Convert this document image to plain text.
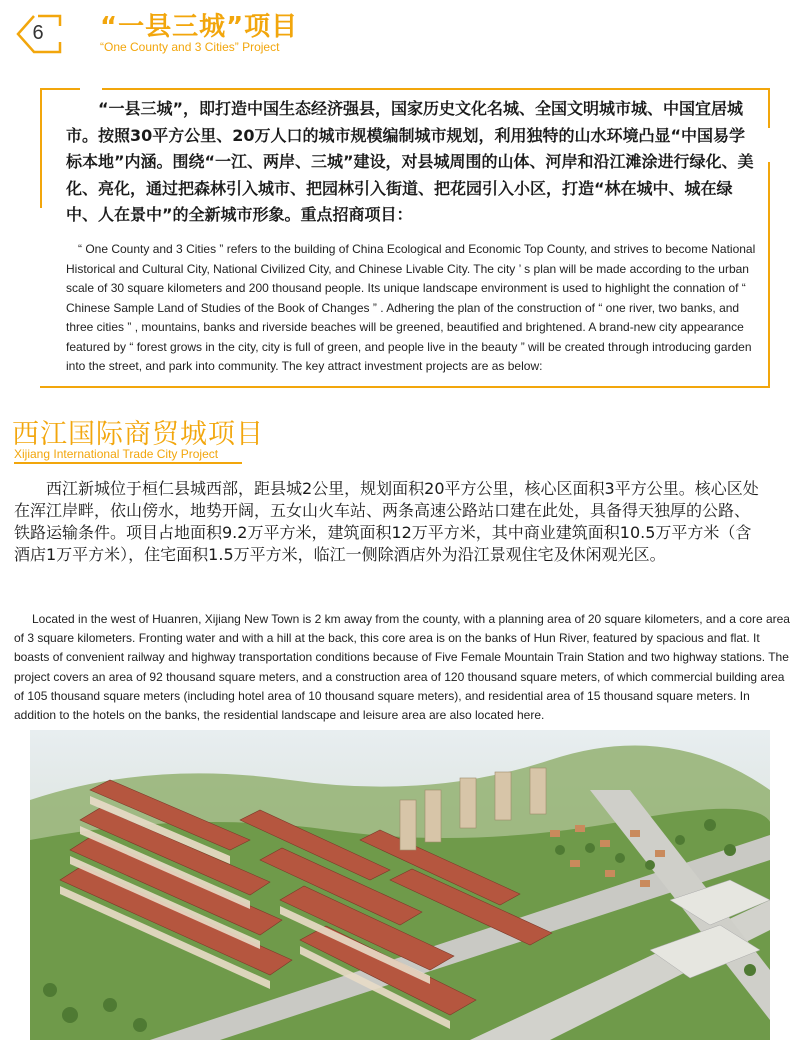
6	“一县三城”项目
“One County and 3 Cities” Project

“一县三城”，即打造中国生态经济强县，国家历史文化名城、全国文明城市城、中国宜居城市。按照30平方公里、20万人口的城市规模编制城市规划，利用独特的山水环境凸显“中国易学标本地”内涵。围绕“一江、两岸、三城”建设，对县城周围的山体、河岸和沿江滩涂进行绿化、美化、亮化，通过把森林引入城市、把园林引入街道、把花园引入小区，打造“林在城中、城在绿中、人在景中”的全新城市形象。重点招商项目：

“ One County and 3 Cities ” refers to the building of China Ecological and Economic Top County, and strives to become National Historical and Cultural City, National Civilized City, and Chinese Livable City. The city ’ s plan will be made according to the urban scale of 30 square kilometers and 200 thousand people. Its unique landscape environment is used to highlight the connation of “ Chinese Sample Land of Studies of the Book of Changes ” . Adhering the plan of the construction of “ one river, two banks, and three cities ” , mountains, banks and riverside beaches will be greened, beautified and brightened. A brand-new city appearance featured by “ forest grows in the city, city is full of green, and people live in the beauty ” will be created through introducing garden into the street, and park into community. The key attract investment projects are as below:

西江国际商贸城项目
Xijiang International Trade City Project

西江新城位于桓仁县城西部，距县城2公里，规划面积20平方公里，核心区面积3平方公里。核心区处在浑江岸畔，依山傍水，地势开阔，五女山火车站、两条高速公路站口建在此处，具备得天独厚的公路、铁路运输条件。项目占地面积9.2万平方米，建筑面积12万平方米，其中商业建筑面积10.5万平方米（含酒店1万平方米），住宅面积1.5万平方米，临江一侧除酒店外为沿江景观住宅及休闲观光区。

Located in the west of Huanren, Xijiang New Town is 2 km away from the county, with a planning area of 20 square kilometers, and a core area of 3 square kilometers. Fronting water and with a hill at the back, this core area is on the banks of Hun River, featured by spacious and flat. It boasts of convenient railway and highway transportation conditions because of Five Female Mountain Train Station and two highway stations. The project covers an area of 92 thousand square meters, and a construction area of 120 thousand square meters, of which commercial building area of 105 thousand square meters (including hotel area of 10 thousand square meters), and residential area of 15 thousand square meters. In addition to the hotels on the banks, the residential landscape and leisure area are also located here.
